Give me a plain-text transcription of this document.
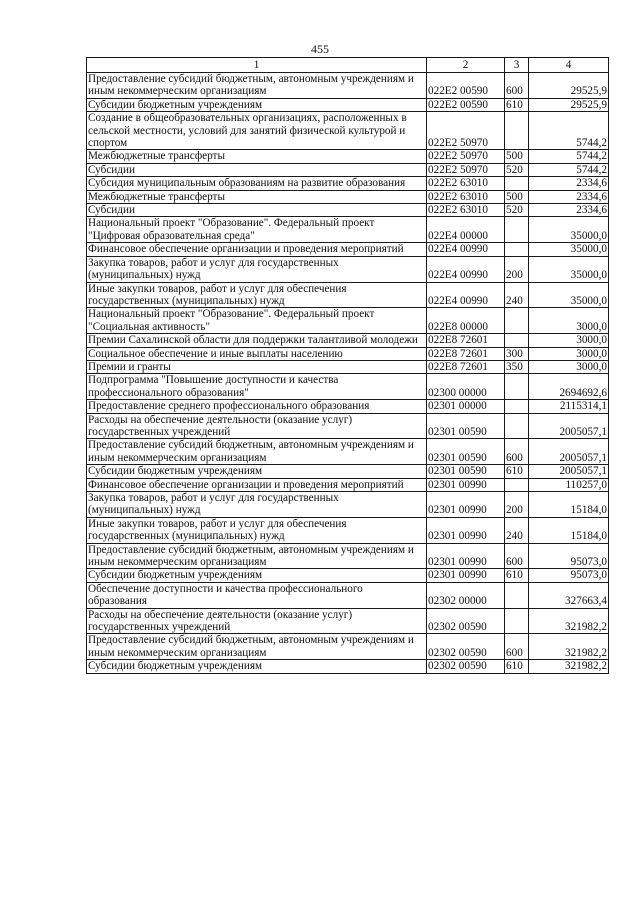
455
1	2	3	4
Предоставление субсидий бюджетным, автономным учреждениям и иным некоммерческим организациям	022E2 00590	600	29525,9
Субсидии бюджетным учреждениям	022E2 00590	610	29525,9
Создание в общеобразовательных организациях, расположенных в сельской местности, условий для занятий физической культурой и спортом	022E2 50970		5744,2
Межбюджетные трансферты	022E2 50970	500	5744,2
Субсидии	022E2 50970	520	5744,2
Субсидия муниципальным образованиям на развитие образования	022E2 63010		2334,6
Межбюджетные трансферты	022E2 63010	500	2334,6
Субсидии	022E2 63010	520	2334,6
Национальный проект "Образование". Федеральный проект "Цифровая образовательная среда"	022E4 00000		35000,0
Финансовое обеспечение организации и проведения мероприятий	022E4 00990		35000,0
Закупка товаров, работ и услуг для государственных (муниципальных) нужд	022E4 00990	200	35000,0
Иные закупки товаров, работ и услуг для обеспечения государственных (муниципальных) нужд	022E4 00990	240	35000,0
Национальный проект "Образование". Федеральный проект "Социальная активность"	022E8 00000		3000,0
Премии Сахалинской области для поддержки талантливой молодежи	022E8 72601		3000,0
Социальное обеспечение и иные выплаты населению	022E8 72601	300	3000,0
Премии и гранты	022E8 72601	350	3000,0
Подпрограмма "Повышение доступности и качества профессионального образования"	02300 00000		2694692,6
Предоставление среднего профессионального образования	02301 00000		2115314,1
Расходы на обеспечение деятельности (оказание услуг) государственных учреждений	02301 00590		2005057,1
Предоставление субсидий бюджетным, автономным учреждениям и иным некоммерческим организациям	02301 00590	600	2005057,1
Субсидии бюджетным учреждениям	02301 00590	610	2005057,1
Финансовое обеспечение организации и проведения мероприятий	02301 00990		110257,0
Закупка товаров, работ и услуг для государственных (муниципальных) нужд	02301 00990	200	15184,0
Иные закупки товаров, работ и услуг для обеспечения государственных (муниципальных) нужд	02301 00990	240	15184,0
Предоставление субсидий бюджетным, автономным учреждениям и иным некоммерческим организациям	02301 00990	600	95073,0
Субсидии бюджетным учреждениям	02301 00990	610	95073,0
Обеспечение доступности и качества профессионального образования	02302 00000		327663,4
Расходы на обеспечение деятельности (оказание услуг) государственных учреждений	02302 00590		321982,2
Предоставление субсидий бюджетным, автономным учреждениям и иным некоммерческим организациям	02302 00590	600	321982,2
Субсидии бюджетным учреждениям	02302 00590	610	321982,2
